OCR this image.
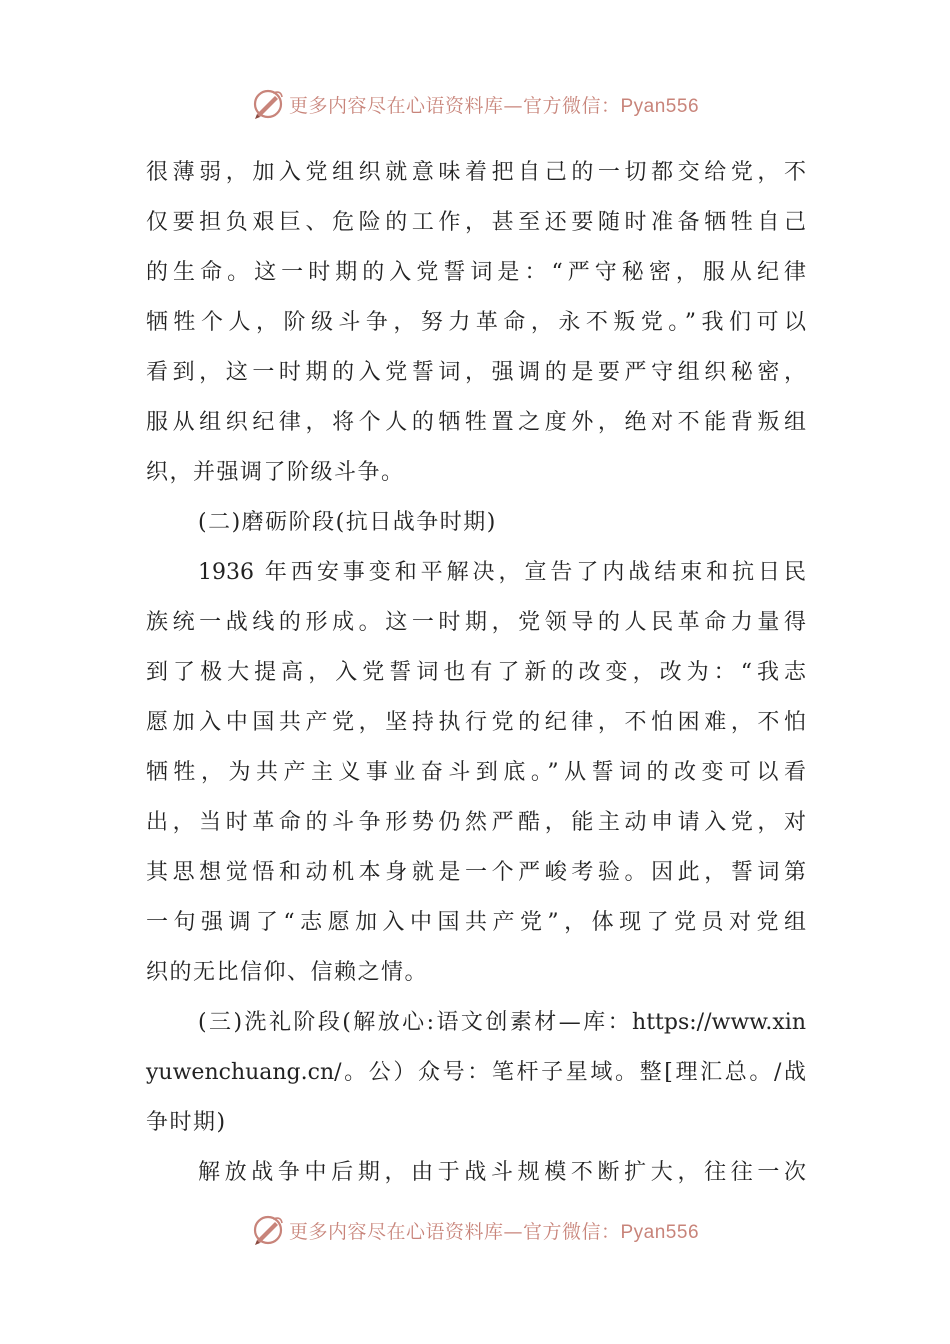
更多内容尽在心语资料库—官方微信：Pyan556
很薄弱，加入党组织就意味着把自己的一切都交给党，不
仅要担负艰巨、危险的工作，甚至还要随时准备牺牲自己
的生命。这一时期的入党誓词是：“严守秘密，服从纪律
牺牲个人，阶级斗争，努力革命，永不叛党。”我们可以
看到，这一时期的入党誓词，强调的是要严守组织秘密，
服从组织纪律，将个人的牺牲置之度外，绝对不能背叛组
织，并强调了阶级斗争。
(二)磨砺阶段(抗日战争时期)
1936 年西安事变和平解决，宣告了内战结束和抗日民
族统一战线的形成。这一时期，党领导的人民革命力量得
到了极大提高，入党誓词也有了新的改变，改为：“我志
愿加入中国共产党，坚持执行党的纪律，不怕困难，不怕
牺牲，为共产主义事业奋斗到底。”从誓词的改变可以看
出，当时革命的斗争形势仍然严酷，能主动申请入党，对
其思想觉悟和动机本身就是一个严峻考验。因此，誓词第
一句强调了“志愿加入中国共产党”，体现了党员对党组
织的无比信仰、信赖之情。
(三)洗礼阶段(解放心:语文创素材—库：https://www.xin
yuwenchuang.cn/。公）众号：笔杆子星域。整[理汇总。/战
争时期)
解放战争中后期，由于战斗规模不断扩大，往往一次
更多内容尽在心语资料库—官方微信：Pyan556
